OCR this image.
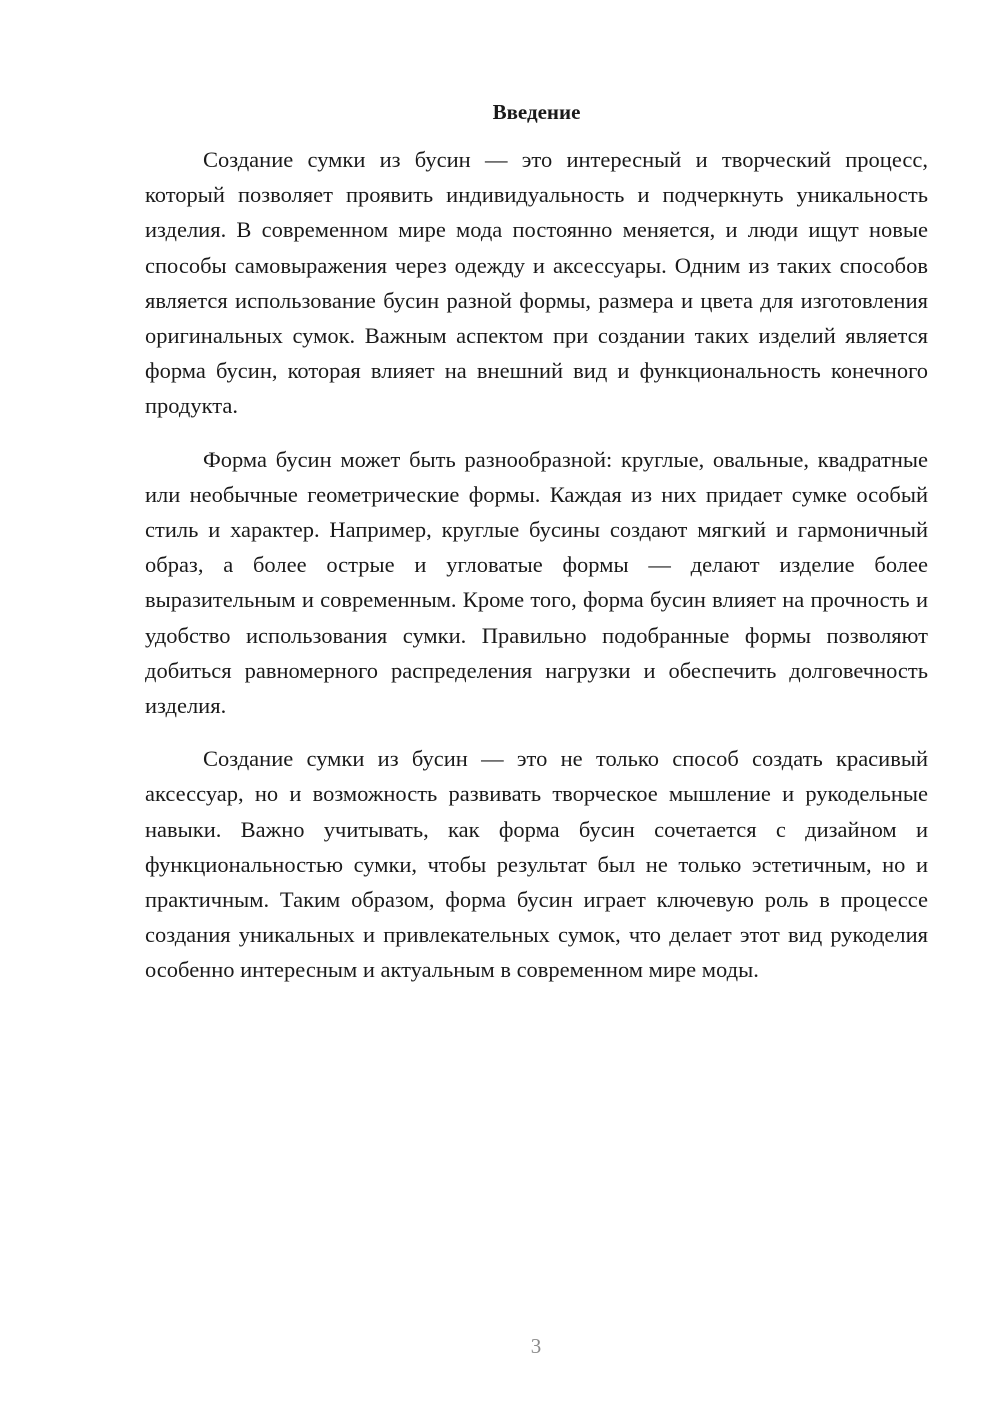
Введение

Создание сумки из бусин — это интересный и творческий процесс, который позволяет проявить индивидуальность и подчеркнуть уникальность изделия. В современном мире мода постоянно меняется, и люди ищут новые способы самовыражения через одежду и аксессуары. Одним из таких способов является использование бусин разной формы, размера и цвета для изготовления оригинальных сумок. Важным аспектом при создании таких изделий является форма бусин, которая влияет на внешний вид и функциональность конечного продукта.

Форма бусин может быть разнообразной: круглые, овальные, квадратные или необычные геометрические формы. Каждая из них придает сумке особый стиль и характер. Например, круглые бусины создают мягкий и гармоничный образ, а более острые и угловатые формы — делают изделие более выразительным и современным. Кроме того, форма бусин влияет на прочность и удобство использования сумки. Правильно подобранные формы позволяют добиться равномерного распределения нагрузки и обеспечить долговечность изделия.

Создание сумки из бусин — это не только способ создать красивый аксессуар, но и возможность развивать творческое мышление и рукодельные навыки. Важно учитывать, как форма бусин сочетается с дизайном и функциональностью сумки, чтобы результат был не только эстетичным, но и практичным. Таким образом, форма бусин играет ключевую роль в процессе создания уникальных и привлекательных сумок, что делает этот вид рукоделия особенно интересным и актуальным в современном мире моды.

3
